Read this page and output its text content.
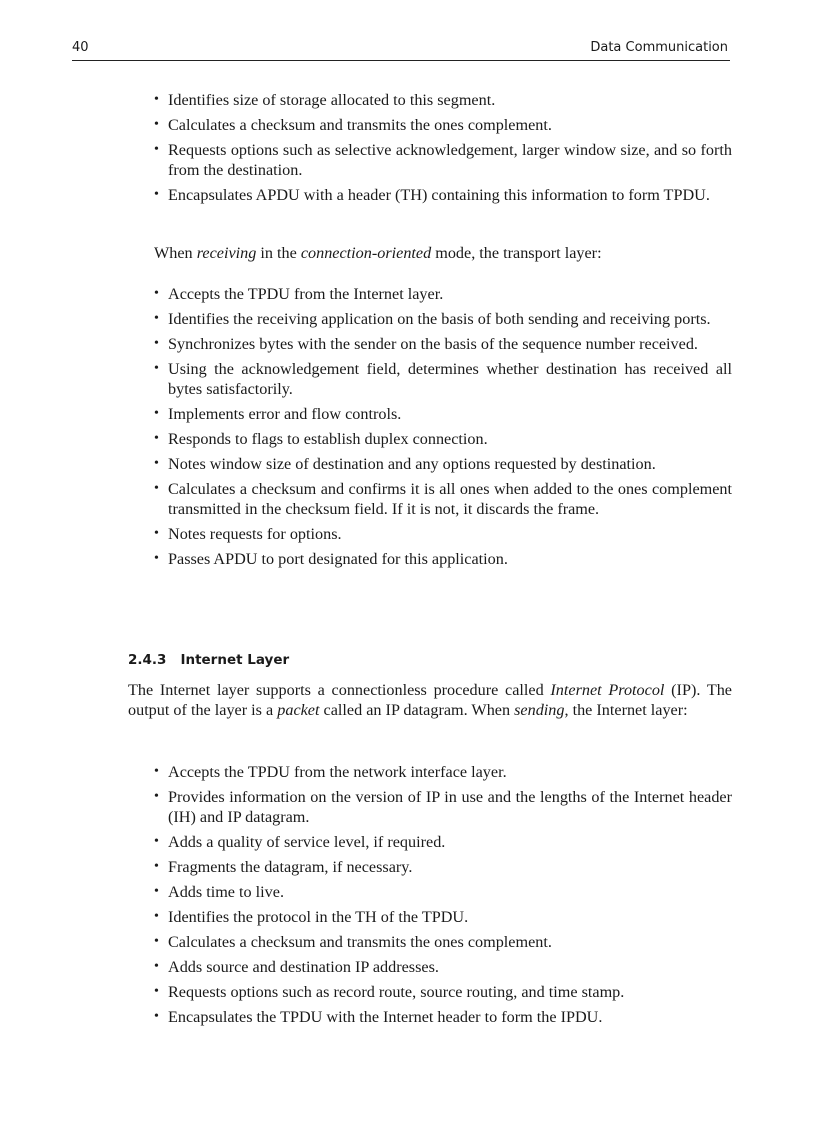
40	Data Communication
• Identifies size of storage allocated to this segment.
• Calculates a checksum and transmits the ones complement.
• Requests options such as selective acknowledgement, larger window size, and so forth from the destination.
• Encapsulates APDU with a header (TH) containing this information to form TPDU.

When receiving in the connection-oriented mode, the transport layer:

• Accepts the TPDU from the Internet layer.
• Identifies the receiving application on the basis of both sending and receiving ports.
• Synchronizes bytes with the sender on the basis of the sequence number received.
• Using the acknowledgement field, determines whether destination has received all bytes satisfactorily.
• Implements error and flow controls.
• Responds to flags to establish duplex connection.
• Notes window size of destination and any options requested by destination.
• Calculates a checksum and confirms it is all ones when added to the ones complement transmitted in the checksum field. If it is not, it discards the frame.
• Notes requests for options.
• Passes APDU to port designated for this application.
2.4.3 Internet Layer

The Internet layer supports a connectionless procedure called Internet Protocol (IP). The output of the layer is a packet called an IP datagram. When sending, the Internet layer:

• Accepts the TPDU from the network interface layer.
• Provides information on the version of IP in use and the lengths of the Internet header (IH) and IP datagram.
• Adds a quality of service level, if required.
• Fragments the datagram, if necessary.
• Adds time to live.
• Identifies the protocol in the TH of the TPDU.
• Calculates a checksum and transmits the ones complement.
• Adds source and destination IP addresses.
• Requests options such as record route, source routing, and time stamp.
• Encapsulates the TPDU with the Internet header to form the IPDU.
